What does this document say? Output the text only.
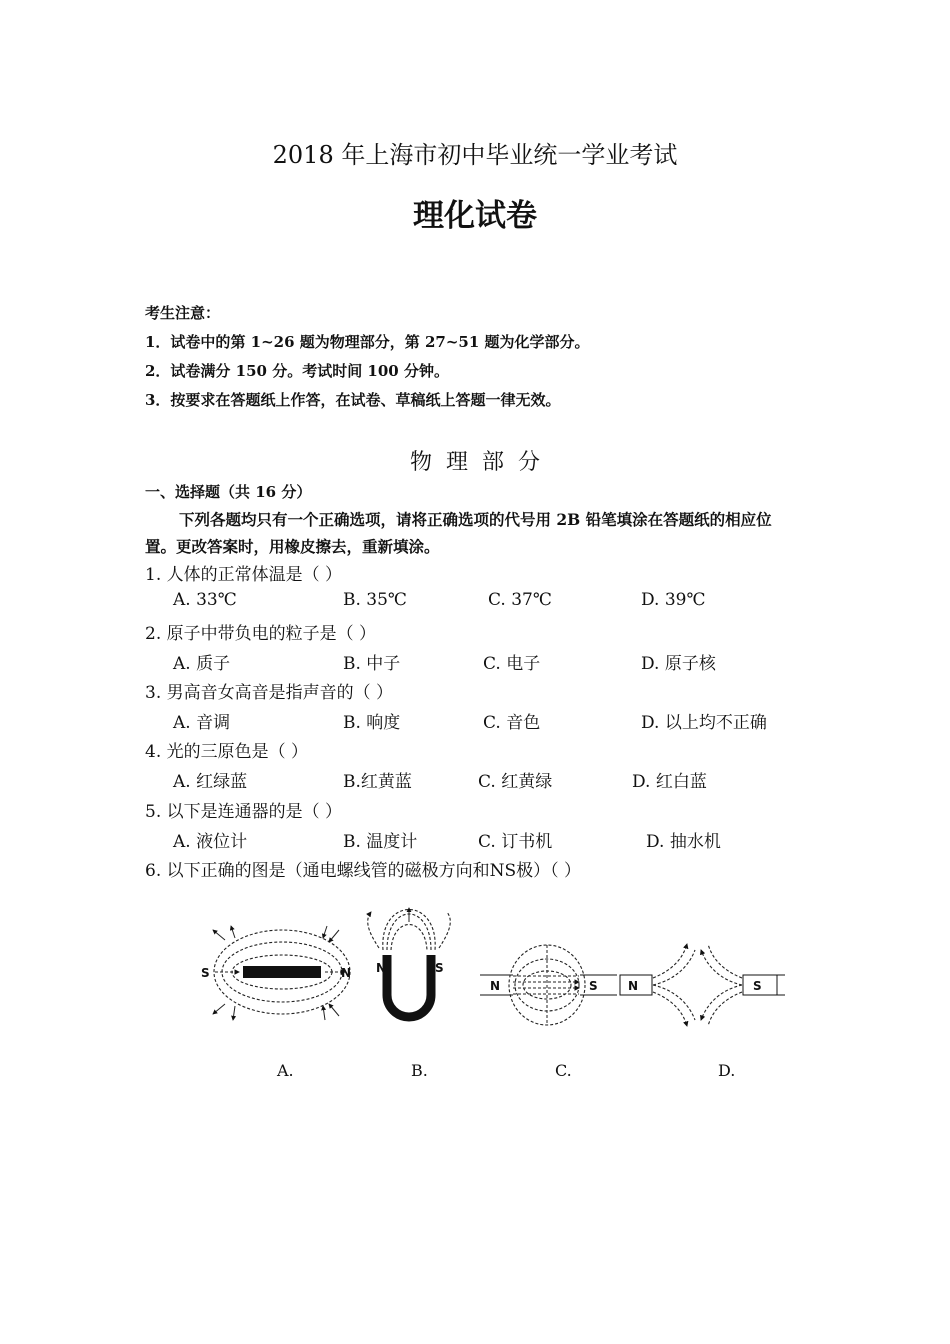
2018 年上海市初中毕业统一学业考试
理化试卷
考生注意：
1．试卷中的第 1~26 题为物理部分，第 27~51 题为化学部分。
2．试卷满分 150 分。考试时间 100 分钟。
3．按要求在答题纸上作答，在试卷、草稿纸上答题一律无效。
物理部分
一、选择题（共 16 分）
下列各题均只有一个正确选项，请将正确选项的代号用 2B 铅笔填涂在答题纸的相应位
置。更改答案时，用橡皮擦去，重新填涂。
1. 人体的正常体温是（ ）
A. 33℃	B. 35℃	C. 37℃	D. 39℃
2. 原子中带负电的粒子是（ ）
A. 质子	B. 中子	C. 电子	D. 原子核
3. 男高音女高音是指声音的（ ）
A. 音调	B. 响度	C. 音色	D. 以上均不正确
4. 光的三原色是（ ）
A. 红绿蓝	B.红黄蓝	C. 红黄绿	D. 红白蓝
5. 以下是连通器的是（ ）
A. 液位计	B. 温度计	C. 订书机	D. 抽水机
6. 以下正确的图是（通电螺线管的磁极方向和NS极）（ ）
S	N N	S
N	S	N	S
A.	B.	C.	D.
